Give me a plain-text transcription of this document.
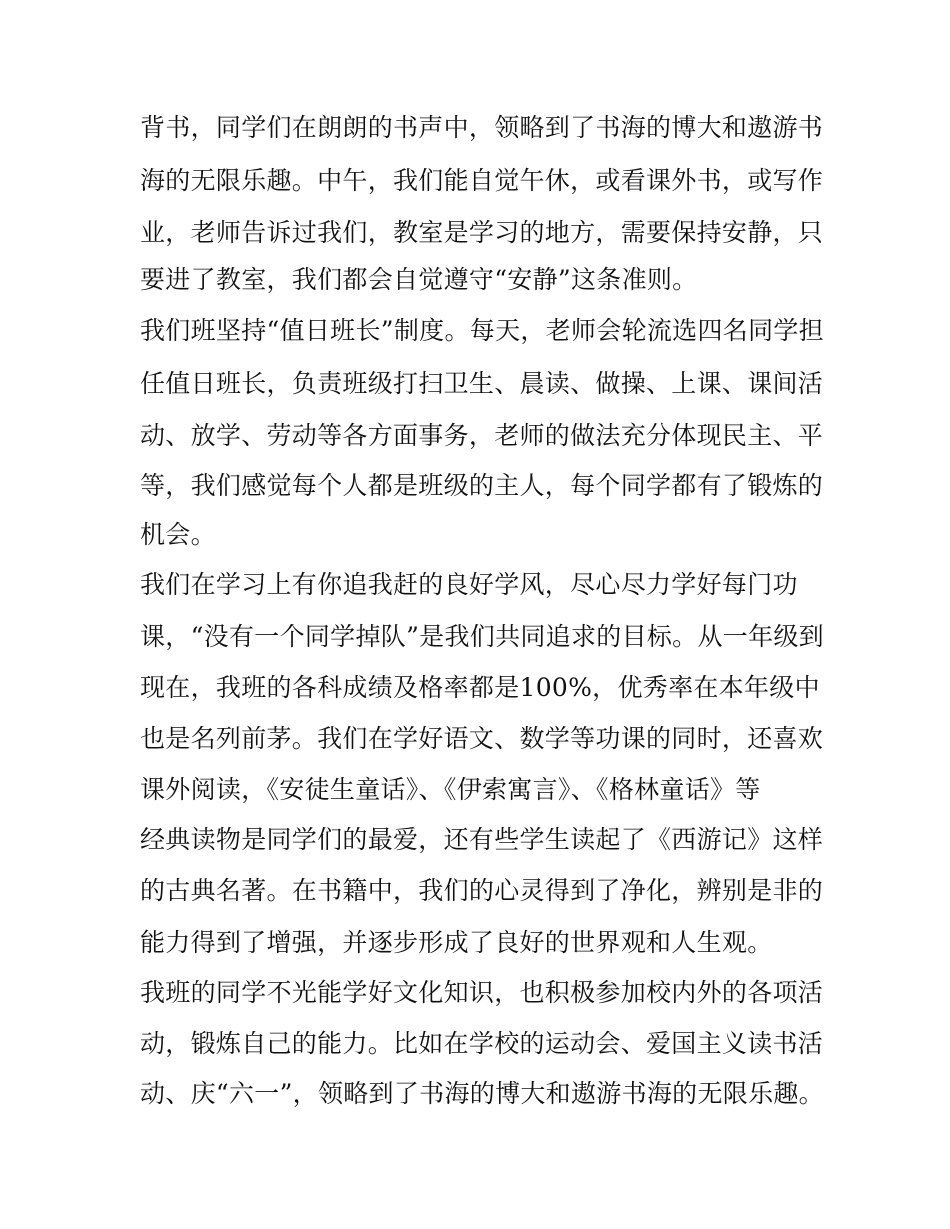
背书，同学们在朗朗的书声中，领略到了书海的博大和遨游书

海的无限乐趣。中午，我们能自觉午休，或看课外书，或写作

业，老师告诉过我们，教室是学习的地方，需要保持安静，只

要进了教室，我们都会自觉遵守“安静”这条准则。

我们班坚持“值日班长”制度。每天，老师会轮流选四名同学担

任值日班长，负责班级打扫卫生、晨读、做操、上课、课间活

动、放学、劳动等各方面事务，老师的做法充分体现民主、平

等，我们感觉每个人都是班级的主人，每个同学都有了锻炼的

机会。

我们在学习上有你追我赶的良好学风，尽心尽力学好每门功

课，“没有一个同学掉队”是我们共同追求的目标。从一年级到

现在，我班的各科成绩及格率都是100%，优秀率在本年级中

也是名列前茅。我们在学好语文、数学等功课的同时，还喜欢

课外阅读，《安徒生童话》、《伊索寓言》、《格林童话》等

经典读物是同学们的最爱，还有些学生读起了《西游记》这样

的古典名著。在书籍中，我们的心灵得到了净化，辨别是非的

能力得到了增强，并逐步形成了良好的世界观和人生观。

我班的同学不光能学好文化知识，也积极参加校内外的各项活

动，锻炼自己的能力。比如在学校的运动会、爱国主义读书活

动、庆“六一”，领略到了书海的博大和遨游书海的无限乐趣。
